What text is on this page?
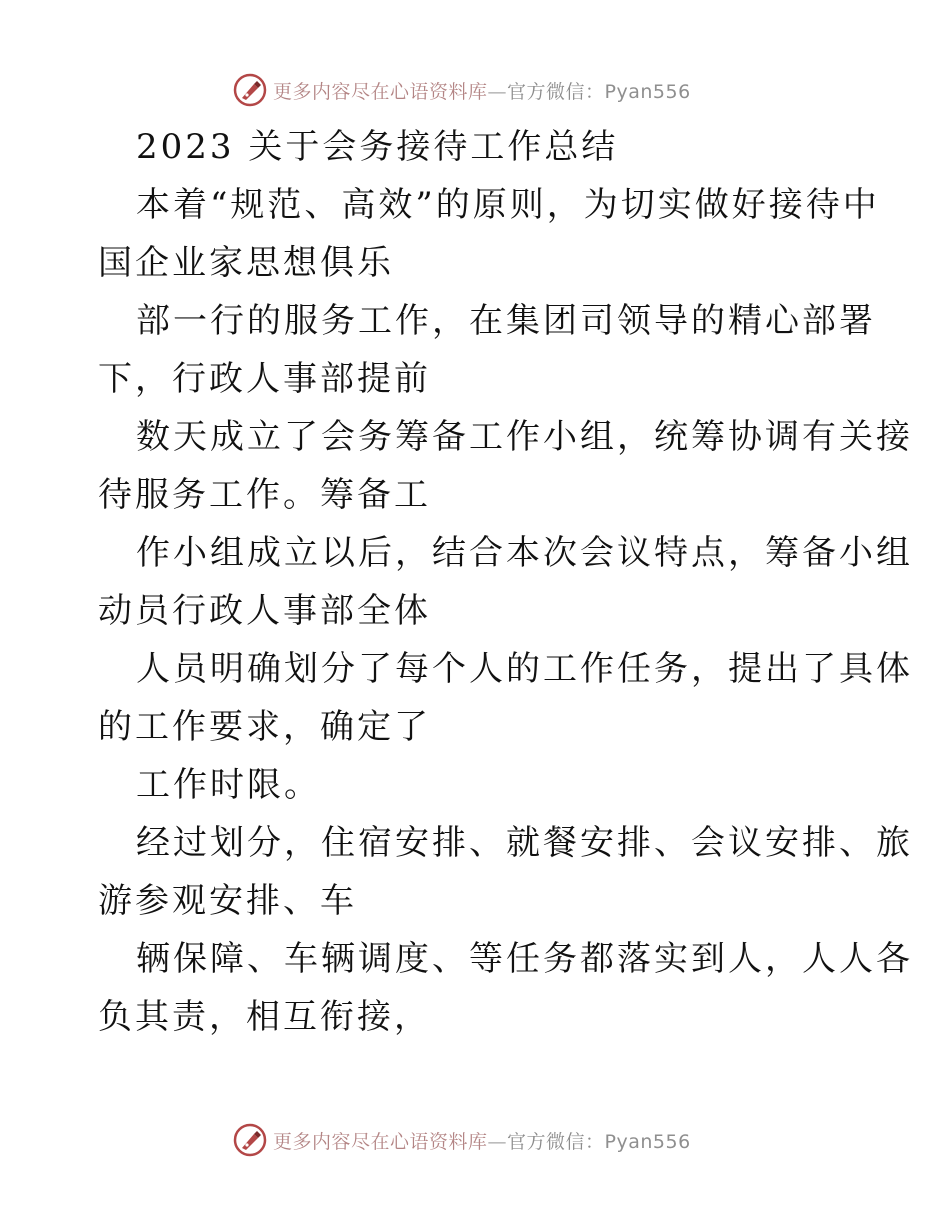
更多内容尽在心语资料库—官方微信：Pyan556
2023 关于会务接待工作总结
本着“规范、高效”的原则，为切实做好接待中
国企业家思想俱乐
部一行的服务工作，在集团司领导的精心部署
下，行政人事部提前
数天成立了会务筹备工作小组，统筹协调有关接
待服务工作。筹备工
作小组成立以后，结合本次会议特点，筹备小组
动员行政人事部全体
人员明确划分了每个人的工作任务，提出了具体
的工作要求，确定了
工作时限。
经过划分，住宿安排、就餐安排、会议安排、旅
游参观安排、车
辆保障、车辆调度、等任务都落实到人，人人各
负其责，相互衔接，
更多内容尽在心语资料库—官方微信：Pyan556
